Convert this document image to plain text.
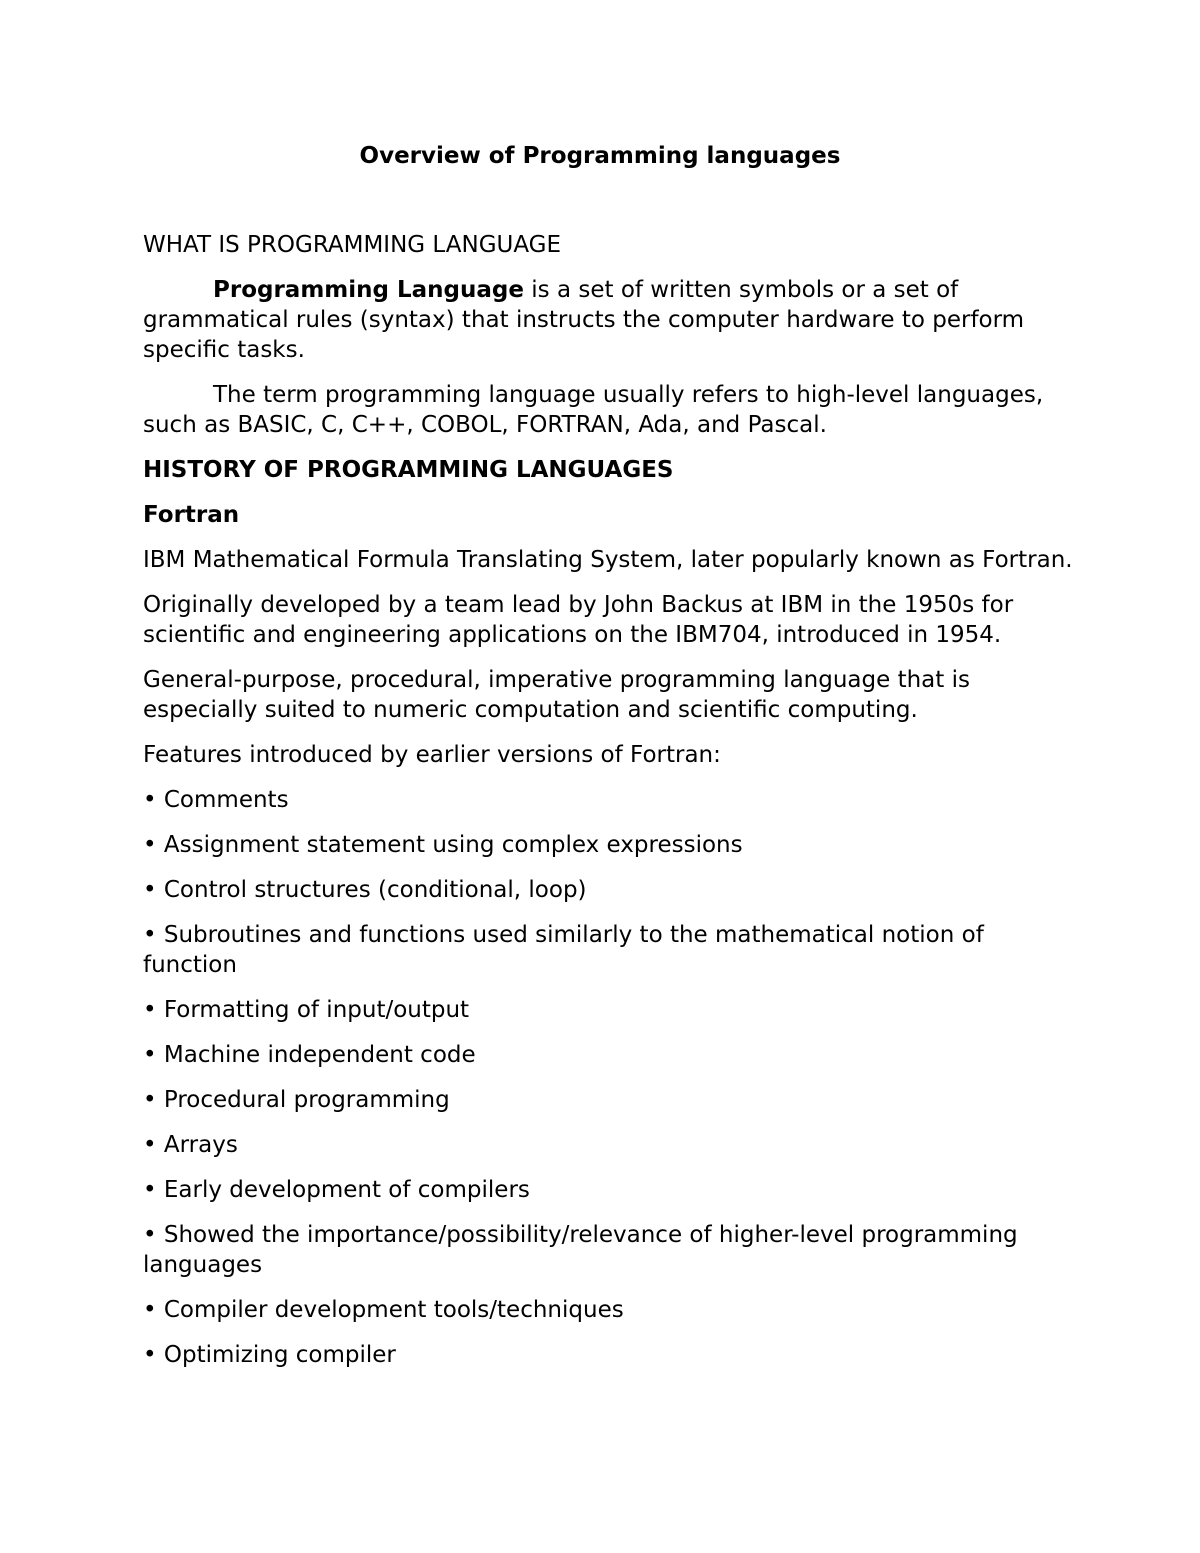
Overview of Programming languages

WHAT IS PROGRAMMING LANGUAGE

Programming Language is a set of written symbols or a set of grammatical rules (syntax) that instructs the computer hardware to perform specific tasks.

The term programming language usually refers to high-level languages, such as BASIC, C, C++, COBOL, FORTRAN, Ada, and Pascal.

HISTORY OF PROGRAMMING LANGUAGES
Fortran

IBM Mathematical Formula Translating System, later popularly known as Fortran.

Originally developed by a team lead by John Backus at IBM in the 1950s for scientific and engineering applications on the IBM704, introduced in 1954.

General-purpose, procedural, imperative programming language that is especially suited to numeric computation and scientific computing.

Features introduced by earlier versions of Fortran:

• Comments
• Assignment statement using complex expressions
• Control structures (conditional, loop)
• Subroutines and functions used similarly to the mathematical notion of function
• Formatting of input/output
• Machine independent code
• Procedural programming
• Arrays
• Early development of compilers
• Showed the importance/possibility/relevance of higher-level programming languages
• Compiler development tools/techniques
• Optimizing compiler
